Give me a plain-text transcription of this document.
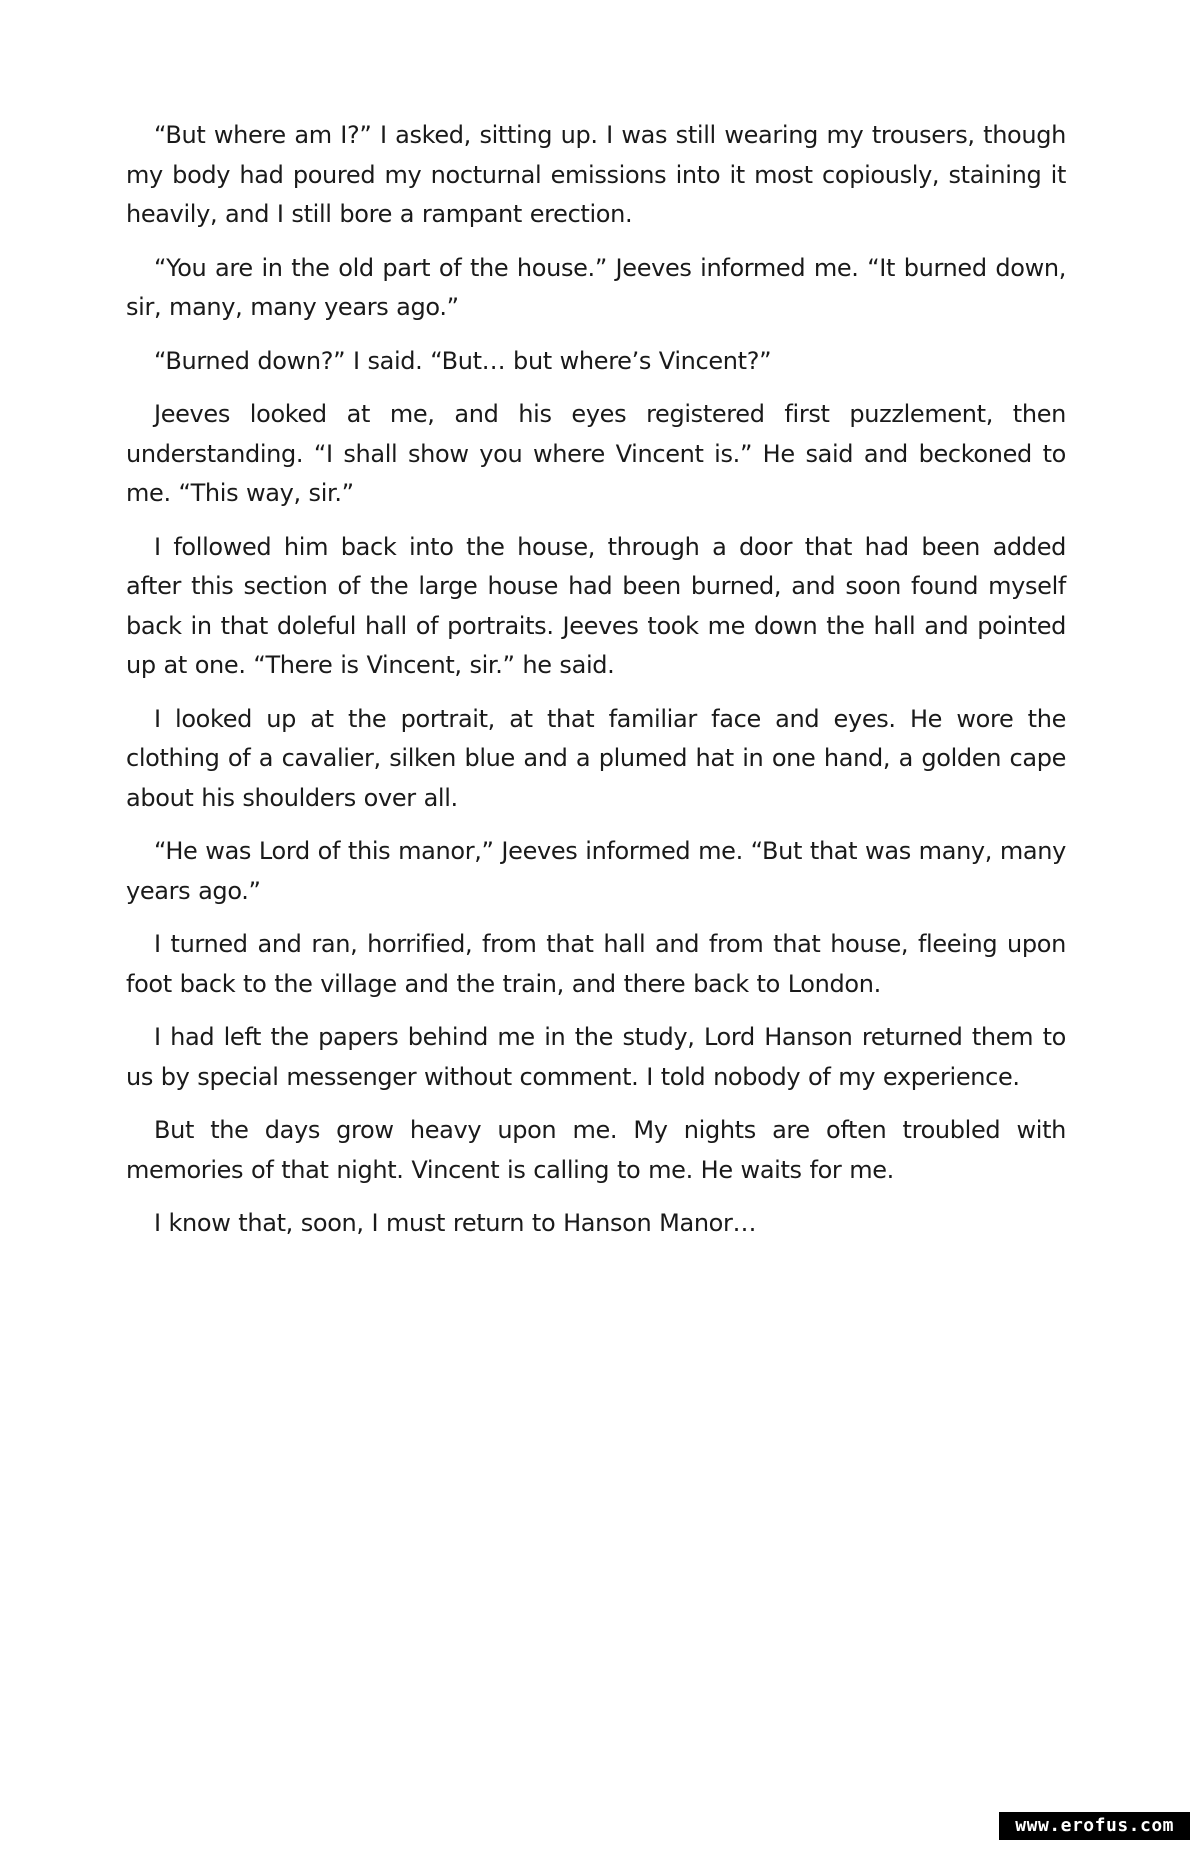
“But where am I?” I asked, sitting up. I was still wearing my trousers, though my body had poured my nocturnal emissions into it most copiously, staining it heavily, and I still bore a rampant erection.

“You are in the old part of the house.” Jeeves informed me. “It burned down, sir, many, many years ago.”

“Burned down?” I said. “But… but where’s Vincent?”

Jeeves looked at me, and his eyes registered first puzzlement, then understanding. “I shall show you where Vincent is.” He said and beckoned to me. “This way, sir.”

I followed him back into the house, through a door that had been added after this section of the large house had been burned, and soon found myself back in that doleful hall of portraits. Jeeves took me down the hall and pointed up at one. “There is Vincent, sir.” he said.

I looked up at the portrait, at that familiar face and eyes. He wore the clothing of a cavalier, silken blue and a plumed hat in one hand, a golden cape about his shoulders over all.

“He was Lord of this manor,” Jeeves informed me. “But that was many, many years ago.”

I turned and ran, horrified, from that hall and from that house, fleeing upon foot back to the village and the train, and there back to London.

I had left the papers behind me in the study, Lord Hanson returned them to us by special messenger without comment. I told nobody of my experience.

But the days grow heavy upon me. My nights are often troubled with memories of that night. Vincent is calling to me. He waits for me.

I know that, soon, I must return to Hanson Manor…

www.erofus.com
